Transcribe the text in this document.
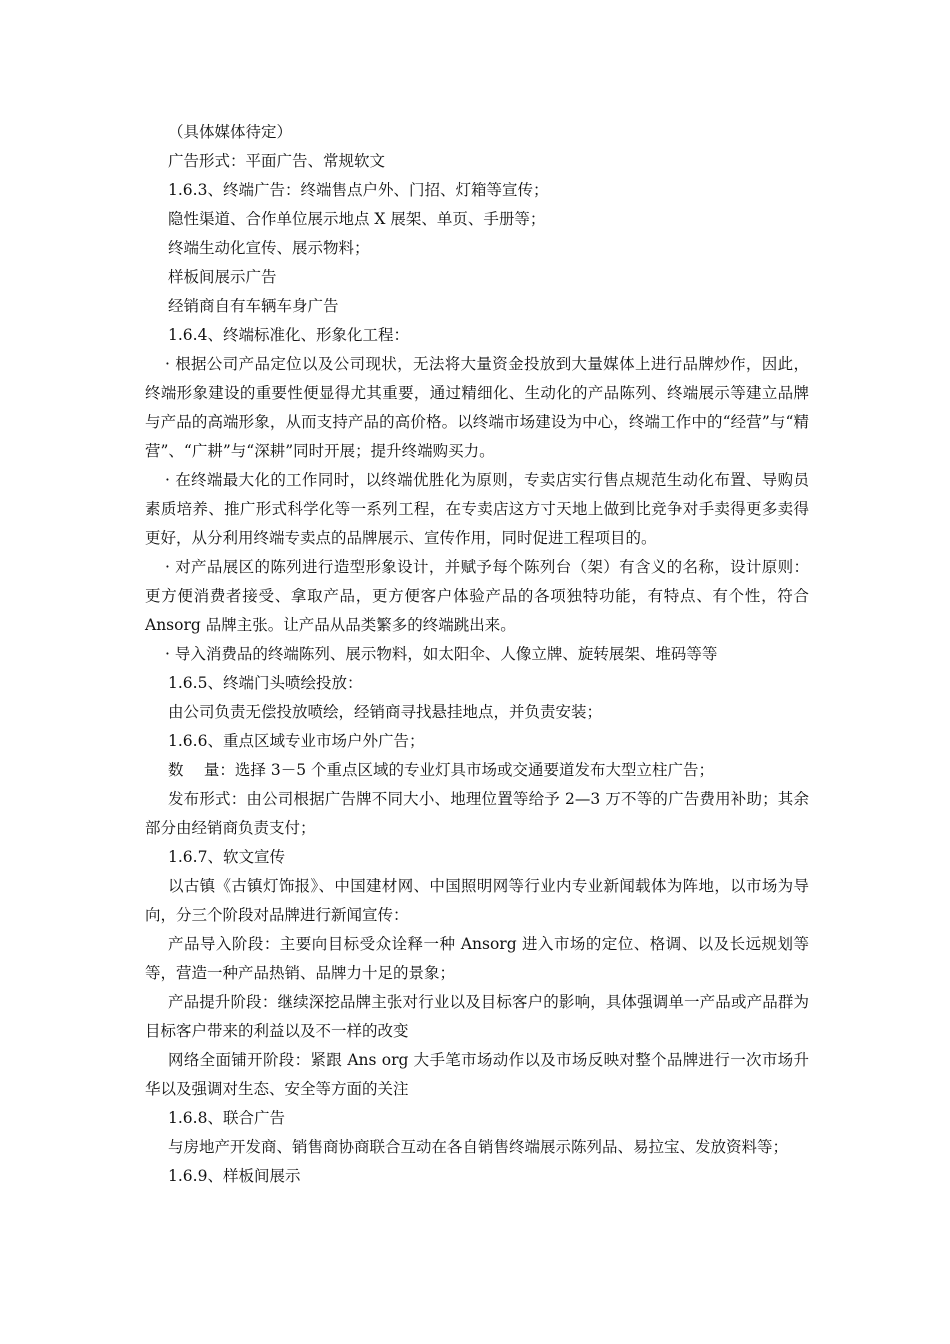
（具体媒体待定）

广告形式：平面广告、常规软文

1.6.3、终端广告：终端售点户外、门招、灯箱等宣传；

隐性渠道、合作单位展示地点 X 展架、单页、手册等；

终端生动化宣传、展示物料；

样板间展示广告

经销商自有车辆车身广告

1.6.4、终端标准化、形象化工程：

· 根据公司产品定位以及公司现状，无法将大量资金投放到大量媒体上进行品牌炒作，因此，终端形象建设的重要性便显得尤其重要，通过精细化、生动化的产品陈列、终端展示等建立品牌与产品的高端形象，从而支持产品的高价格。以终端市场建设为中心，终端工作中的“经营”与“精营”、“广耕”与“深耕”同时开展；提升终端购买力。

· 在终端最大化的工作同时，以终端优胜化为原则，专卖店实行售点规范生动化布置、导购员素质培养、推广形式科学化等一系列工程，在专卖店这方寸天地上做到比竞争对手卖得更多卖得更好，从分利用终端专卖点的品牌展示、宣传作用，同时促进工程项目的。

· 对产品展区的陈列进行造型形象设计，并赋予每个陈列台（架）有含义的名称，设计原则：更方便消费者接受、拿取产品，更方便客户体验产品的各项独特功能，有特点、有个性，符合 Ansorg 品牌主张。让产品从品类繁多的终端跳出来。

· 导入消费品的终端陈列、展示物料，如太阳伞、人像立牌、旋转展架、堆码等等

1.6.5、终端门头喷绘投放：

由公司负责无偿投放喷绘，经销商寻找悬挂地点，并负责安装；

1.6.6、重点区域专业市场户外广告；

数　 量：选择 3－5 个重点区域的专业灯具市场或交通要道发布大型立柱广告；

发布形式：由公司根据广告牌不同大小、地理位置等给予 2—3 万不等的广告费用补助；其余部分由经销商负责支付；

1.6.7、软文宣传

以古镇《古镇灯饰报》、中国建材网、中国照明网等行业内专业新闻载体为阵地，以市场为导向，分三个阶段对品牌进行新闻宣传：

产品导入阶段：主要向目标受众诠释一种 Ansorg 进入市场的定位、格调、以及长远规划等等，营造一种产品热销、品牌力十足的景象；

产品提升阶段：继续深挖品牌主张对行业以及目标客户的影响，具体强调单一产品或产品群为目标客户带来的利益以及不一样的改变

网络全面铺开阶段：紧跟 Ans org 大手笔市场动作以及市场反映对整个品牌进行一次市场升华以及强调对生态、安全等方面的关注

1.6.8、联合广告

与房地产开发商、销售商协商联合互动在各自销售终端展示陈列品、易拉宝、发放资料等；

1.6.9、样板间展示
